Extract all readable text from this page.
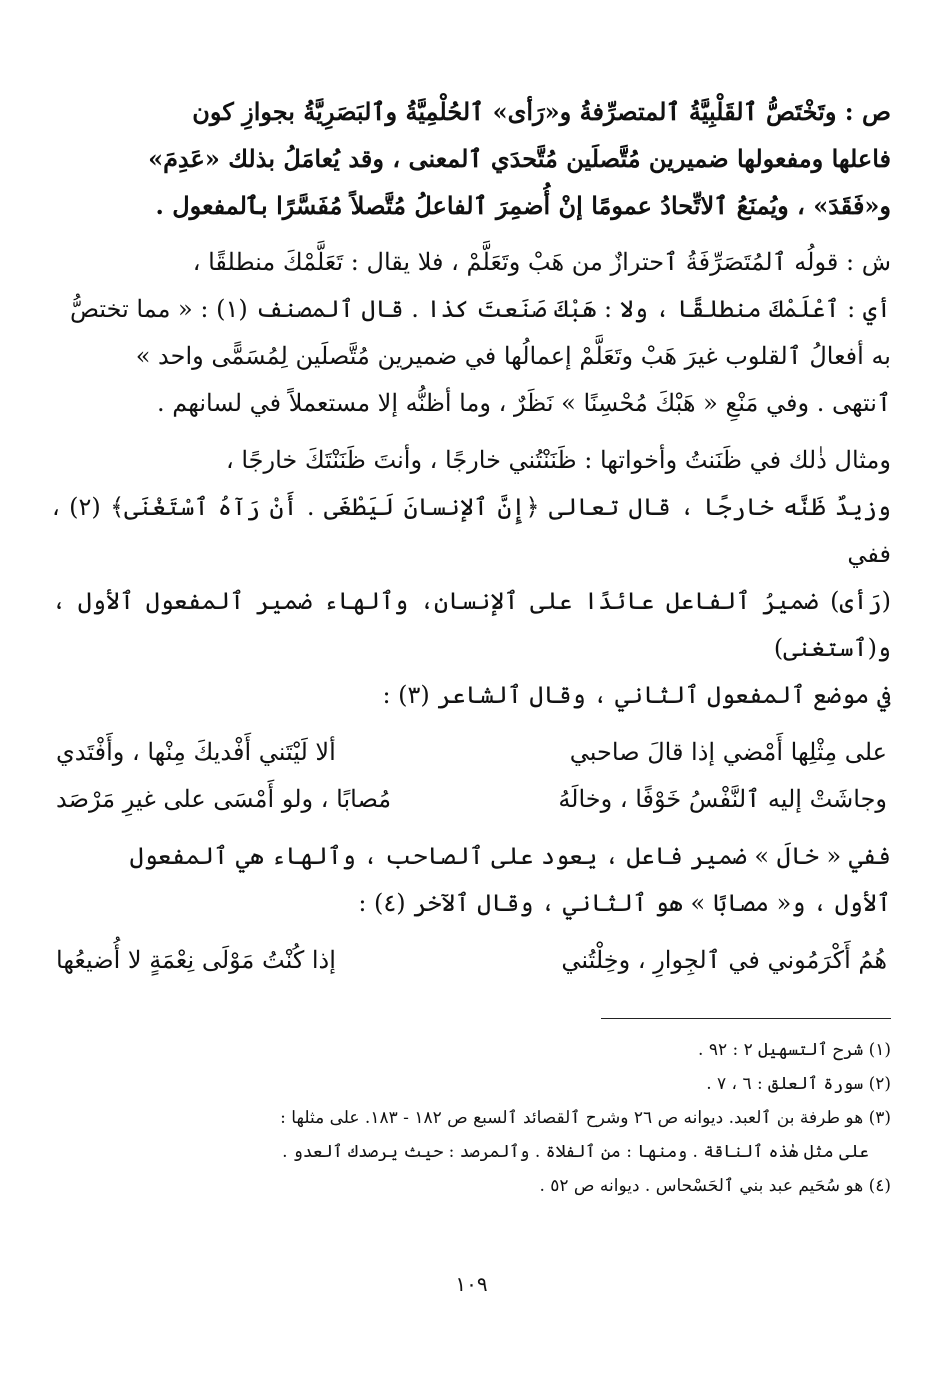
ص : وتَخْتَصُّ ٱلقَلْبِيَّةُ ٱلمتصرِّفةُ و«رَأى» ٱلحُلْمِيَّةُ وٱلبَصَرِيَّةُ بجوازِ كون
فاعلها ومفعولها ضميرين مُتَّصلَين مُتَّحدَي ٱلمعنى ، وقد يُعامَلُ بذلك «عَدِمَ»
و«فَقَدَ» ، ويُمنَعُ ٱلاتِّحادُ عمومًا إنْ أُضمِرَ ٱلفاعلُ مُتَّصلاً مُفَسَّرًا بٱلمفعول .
ش : قولُه ٱلمُتَصَرِّفَةُ ٱحترازٌ من هَبْ وتَعَلَّمْ ، فلا يقال : تَعَلَّمْكَ منطلقًا ،
أي : ٱعْلَمْكَ منطلقًا ، ولا : هَبْكَ صَنَعتَ كذا . قال ٱلمصنف (١) : « مما تختصُّ
به أفعالُ ٱلقلوب غيرَ هَبْ وتَعَلَّمْ إعمالُها في ضميرين مُتَّصلَين لِمُسَمًّى واحد »
ٱنتهى . وفي مَنْعِ « هَبْكَ مُحْسِنًا » نَظَرٌ ، وما أظنُّه إلا مستعملاً في لسانهم .
ومثال ذٰلك في ظَنَنتُ وأخواتها : ظَنَنْتُني خارجًا ، وأنتَ ظَنَنْتَكَ خارجًا ،
وزيدٌ ظَنَّه خارجًا ، قال تعالى ﴿إِنَّ ٱلإنسانَ لَيَطْغَى . أَنْ رَآهُ ٱسْتَغْنَى﴾ (٢) ، ففي
(رَأى) ضميرُ ٱلفاعل عائدًا على ٱلإنسان، وٱلهاء ضمير ٱلمفعول ٱلأول ، و(ٱستغنى)
في موضع ٱلمفعول ٱلثاني ، وقال ٱلشاعر (٣) :
على مِثْلِها أَمْضي إذا قالَ صاحبي
ألا لَيْتَني أَفْديكَ مِنْها ، وأَفْتَدي
وجاشَتْ إليه ٱلنَّفْسُ خَوْفًا ، وخالَهُ
مُصابًا ، ولو أَمْسَى على غيرِ مَرْصَد
ففي « خالَ » ضمير فاعل ، يعود على ٱلصاحب ، وٱلهاء هي ٱلمفعول
ٱلأول ، و« مصابًا » هو ٱلثاني ، وقال ٱلآخر (٤) :
هُمُ أَكْرَمُوني في ٱلجِوارِ ، وخِلْتُني
إذا كُنْتُ مَوْلَى نِعْمَةٍ لا أُضيعُها

(١) شرح ٱلتسهيل ٢ : ٩٢ .

(٢) سورة ٱلعلق : ٦ ، ٧ .

(٣) هو طرفة بن ٱلعبد. ديوانه ص ٢٦ وشرح ٱلقصائد ٱلسبع ص ١٨٢ - ١٨٣. على مثلها :

على مثل هٰذه ٱلناقة . ومنها : من ٱلفلاة . وٱلمرصد : حيث يرصدك ٱلعدو .

(٤) هو سُحَيم عبد بني ٱلحَسْحاس . ديوانه ص ٥٢ .

١٠٩
